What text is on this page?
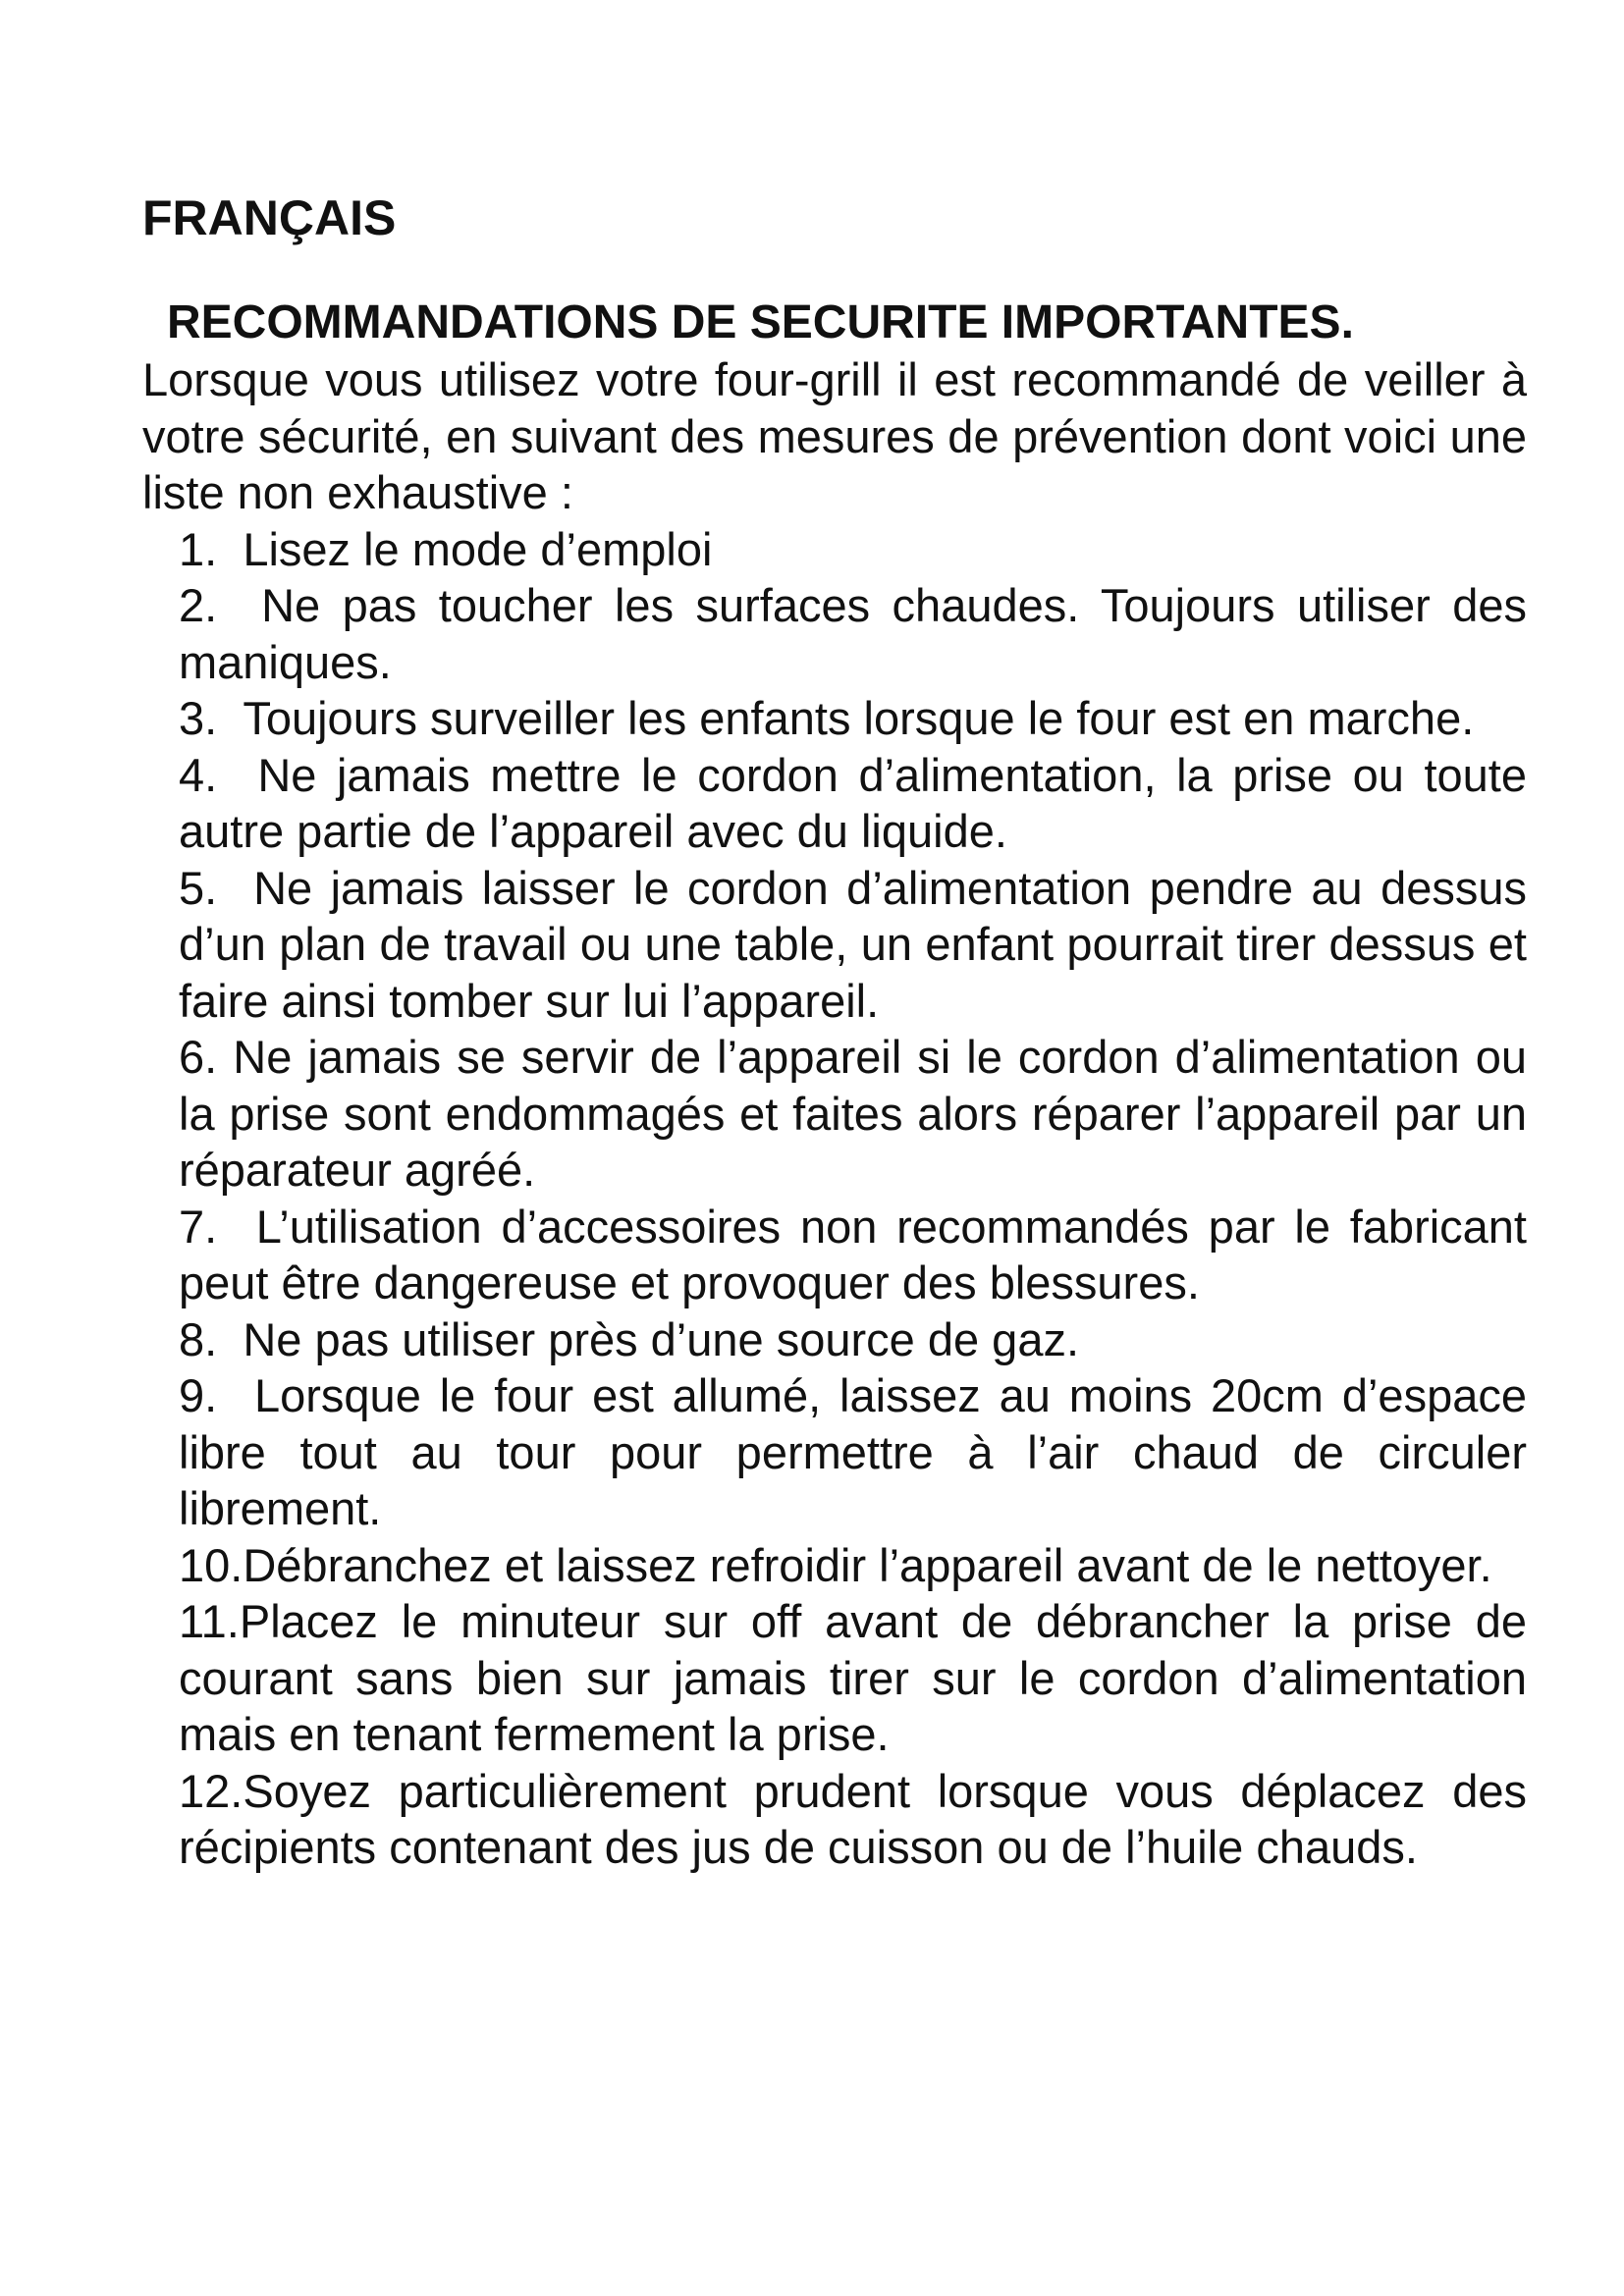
FRANÇAIS
RECOMMANDATIONS DE SECURITE IMPORTANTES.

Lorsque vous utilisez votre four-grill il est recommandé de veiller à votre sécurité, en suivant des mesures de prévention dont voici une liste non exhaustive :

1. Lisez le mode d’emploi
2. Ne pas toucher les surfaces chaudes. Toujours utiliser des maniques.
3. Toujours surveiller les enfants lorsque le four est en marche.
4. Ne jamais mettre le cordon d’alimentation, la prise ou toute autre partie de l’appareil avec du liquide.
5. Ne jamais laisser le cordon d’alimentation pendre au dessus d’un plan de travail ou une table, un enfant pourrait tirer dessus et faire ainsi tomber sur lui l’appareil.
6. Ne jamais se servir de l’appareil si le cordon d’alimentation ou la prise sont endommagés et faites alors réparer l’appareil par un réparateur agréé.
7. L’utilisation d’accessoires non recommandés par le fabricant peut être dangereuse et provoquer des blessures.
8. Ne pas utiliser près d’une source de gaz.
9. Lorsque le four est allumé, laissez au moins 20cm d’espace libre tout au tour pour permettre à l’air chaud de circuler librement.
10.Débranchez et laissez refroidir l’appareil avant de le nettoyer.
11.Placez le minuteur sur off avant de débrancher la prise de courant sans bien sur jamais tirer sur le cordon d’alimentation mais en tenant fermement la prise.
12.Soyez particulièrement prudent lorsque vous déplacez des récipients contenant des jus de cuisson ou de l’huile chauds.
